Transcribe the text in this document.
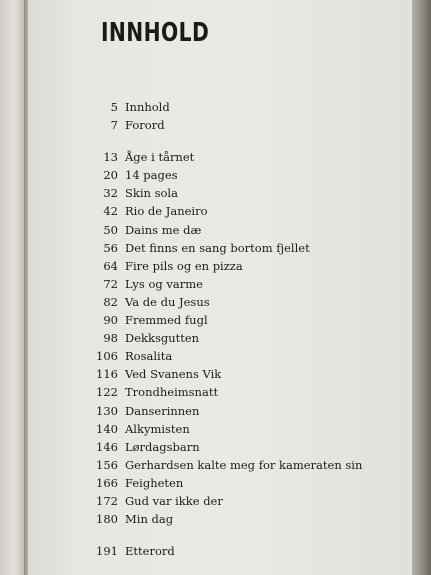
INNHOLD
5 Innhold
7 Forord
13 Åge i tårnet
20 14 pages
32 Skin sola
42 Rio de Janeiro
50 Dains me dæ
56 Det finns en sang bortom fjellet
64 Fire pils og en pizza
72 Lys og varme
82 Va de du Jesus
90 Fremmed fugl
98 Dekksgutten
106 Rosalita
116 Ved Svanens Vik
122 Trondheimsnatt
130 Danserinnen
140 Alkymisten
146 Lørdagsbarn
156 Gerhardsen kalte meg for kameraten sin
166 Feigheten
172 Gud var ikke der
180 Min dag
191 Etterord
